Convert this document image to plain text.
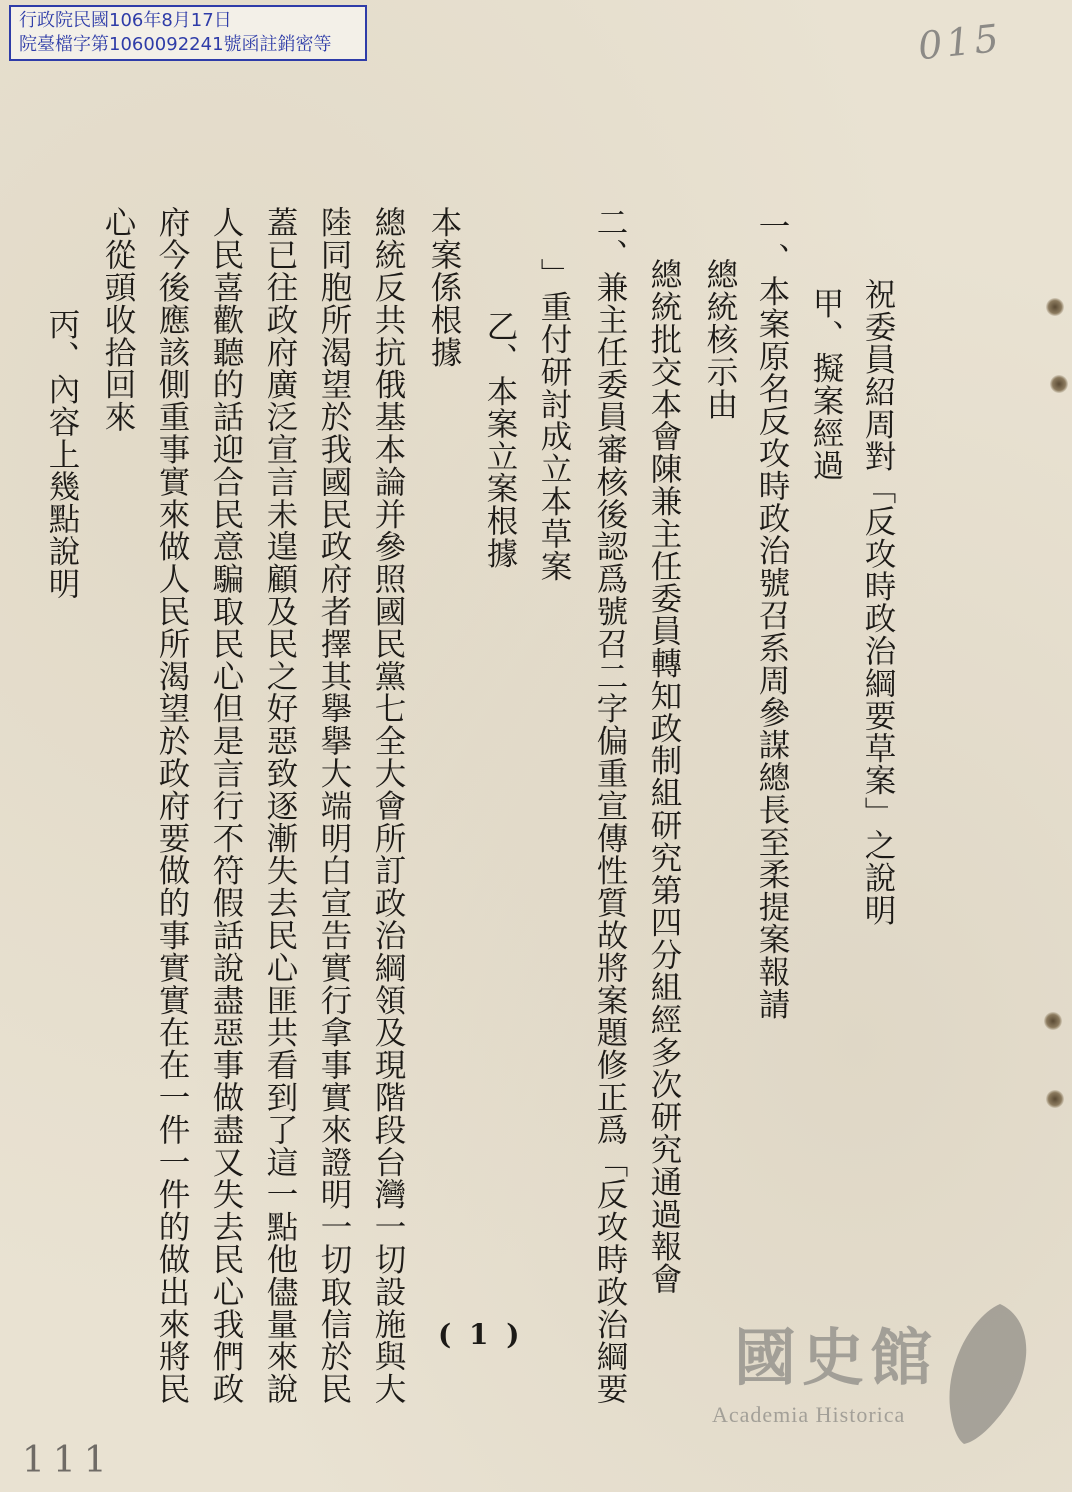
行政院民國106年8月17日
院臺檔字第1060092241號函註銷密等	015
祝委員紹周對「反攻時政治綱要草案」之說明
甲、擬案經過
一、本案原名反攻時政治號召系周參謀總長至柔提案報請
總統核示由
總統批交本會陳兼主任委員轉知政制組研究第四分組經多次研究通過報會
二、兼主任委員審核後認爲號召二字偏重宣傳性質故將案題修正爲「反攻時政治綱要
」重付研討成立本草案
乙、本案立案根據
本案係根據
總統反共抗俄基本論并參照國民黨七全大會所訂政治綱領及現階段台灣一切設施與大
陸同胞所渴望於我國民政府者擇其擧擧大端明白宣告實行拿事實來證明一切取信於民
蓋已往政府廣泛宣言未遑顧及民之好惡致逐漸失去民心匪共看到了這一點他儘量來說
人民喜歡聽的話迎合民意騙取民心但是言行不符假話說盡惡事做盡又失去民心我們政
府今後應該側重事實來做人民所渴望於政府要做的事實實在在一件一件的做出來將民
心從頭收拾回來
丙、內容上幾點說明
( 1 )
111
國史館
Academia Historica
